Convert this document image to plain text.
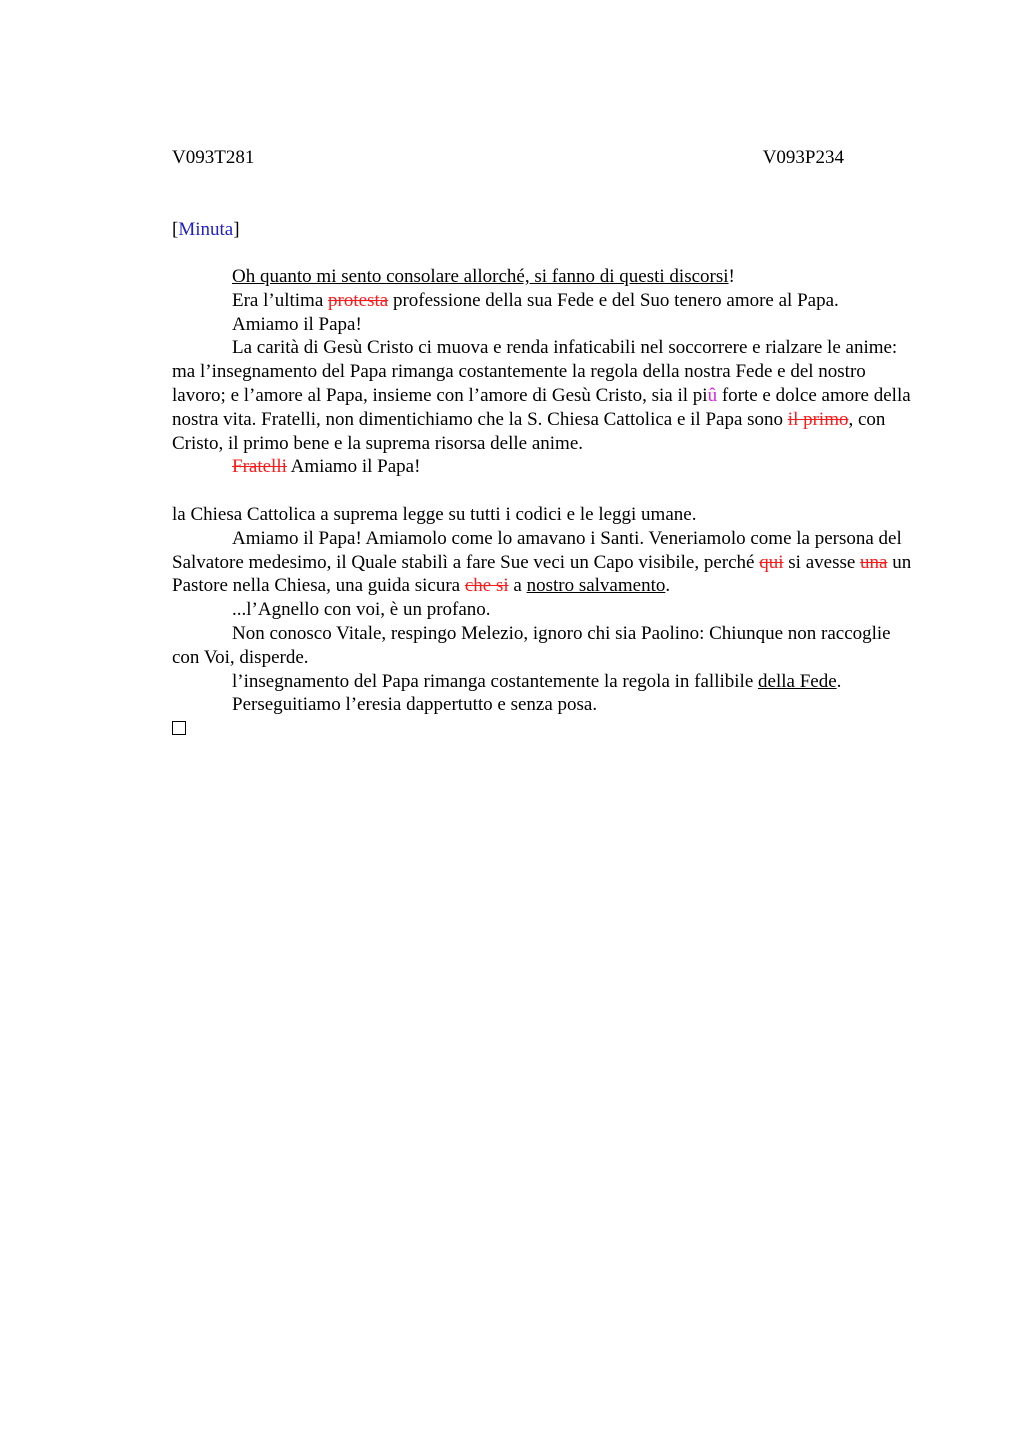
V093T281	V093P234
[Minuta]

Oh quanto mi sento consolare allorché, si fanno di questi discorsi!

Era l’ultima protesta professione della sua Fede e del Suo tenero amore al Papa.

Amiamo il Papa!

La carità di Gesù Cristo ci muova e renda infaticabili nel soccorrere e rialzare le anime: ma l’insegnamento del Papa rimanga costantemente la regola della nostra Fede e del nostro lavoro; e l’amore al Papa, insieme con l’amore di Gesù Cristo, sia il piû forte e dolce amore della nostra vita. Fratelli, non dimentichiamo che la S. Chiesa Cattolica e il Papa sono il primo, con Cristo, il primo bene e la suprema risorsa delle anime.

Fratelli Amiamo il Papa!

la Chiesa Cattolica a suprema legge su tutti i codici e le leggi umane.

Amiamo il Papa! Amiamolo come lo amavano i Santi. Veneriamolo come la persona del Salvatore medesimo, il Quale stabilì a fare Sue veci un Capo visibile, perché qui si avesse una un Pastore nella Chiesa, una guida sicura che si a nostro salvamento.

...l’Agnello con voi, è un profano.

Non conosco Vitale, respingo Melezio, ignoro chi sia Paolino: Chiunque non raccoglie con Voi, disperde.

l’insegnamento del Papa rimanga costantemente la regola in fallibile della Fede.

Perseguitiamo l’eresia dappertutto e senza posa.
